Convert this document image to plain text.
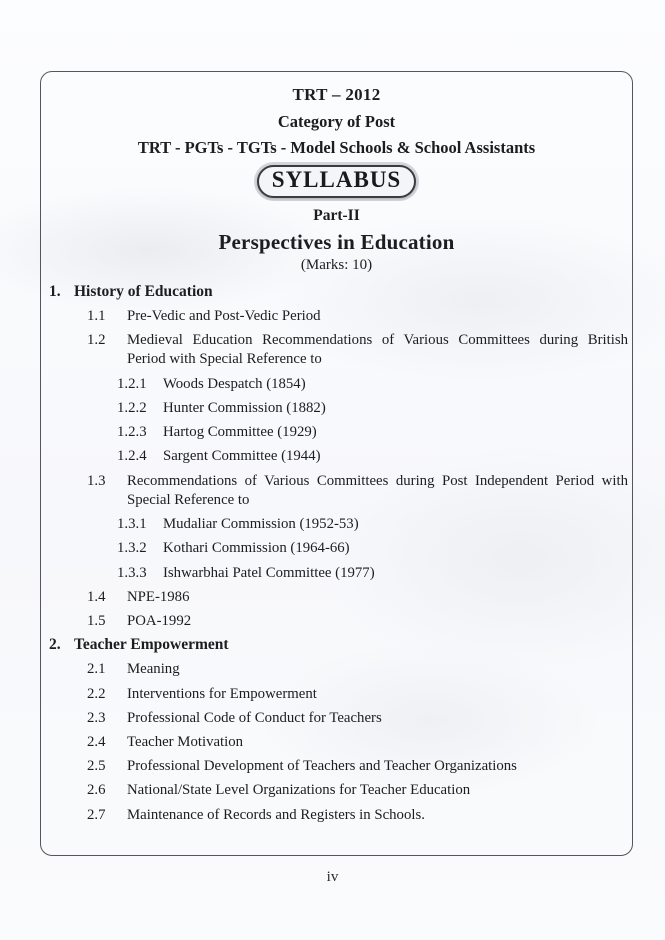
TRT – 2012
Category of Post
TRT - PGTs - TGTs - Model Schools & School Assistants
SYLLABUS
Part-II
Perspectives in Education
(Marks: 10)
1. History of Education
1.1	Pre-Vedic and Post-Vedic Period
1.2	Medieval Education Recommendations of Various Committees during British Period with Special Reference to
1.2.1	Woods Despatch (1854)
1.2.2	Hunter Commission (1882)
1.2.3	Hartog Committee (1929)
1.2.4	Sargent Committee (1944)
1.3	Recommendations of Various Committees during Post Independent Period with Special Reference to
1.3.1	Mudaliar Commission (1952-53)
1.3.2	Kothari Commission (1964-66)
1.3.3	Ishwarbhai Patel Committee (1977)
1.4	NPE-1986
1.5	POA-1992
2. Teacher Empowerment
2.1	Meaning
2.2	Interventions for Empowerment
2.3	Professional Code of Conduct for Teachers
2.4	Teacher Motivation
2.5	Professional Development of Teachers and Teacher Organizations
2.6	National/State Level Organizations for Teacher Education
2.7	Maintenance of Records and Registers in Schools.
iv
